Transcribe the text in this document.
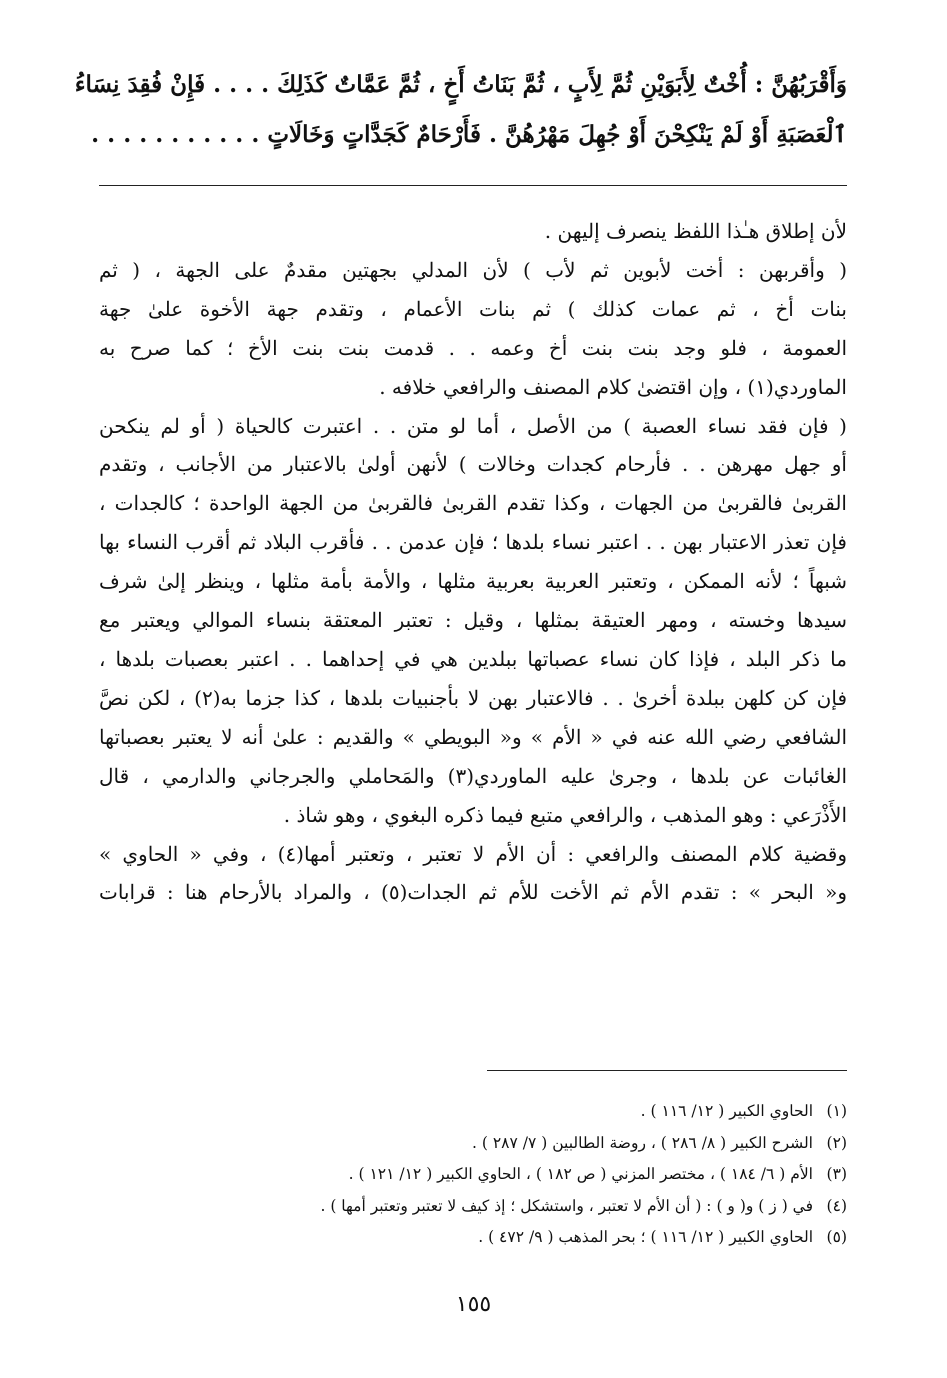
وَأَقْرَبُهُنَّ : أُخْتٌ لِأَبَوَيْنِ ثُمَّ لِأَبٍ ، ثُمَّ بَنَاتُ أَخٍ ، ثُمَّ عَمَّاتٌ كَذَلِكَ . . . . فَإِنْ فُقِدَ نِسَاءُ
ٱلْعَصَبَةِ أَوْ لَمْ يَنْكِحْنَ أَوْ جُهِلَ مَهْرُهُنَّ . فَأَرْحَامٌ كَجَدَّاتٍ وَخَالَاتٍ . . . . . . . . . . .
لأن إطلاق هـٰذا اللفظ ينصرف إليهن .
( وأقربهن : أخت لأبوين ثم لأب ) لأن المدلي بجهتين مقدمٌ على الجهة ، ( ثم
بنات أخ ، ثم عمات كذلك ) ثم بنات الأعمام ، وتقدم جهة الأخوة علىٰ جهة
العمومة ، فلو وجد بنت بنت أخ وعمه . . قدمت بنت بنت الأخ ؛ كما صرح به
الماوردي(١) ، وإن اقتضىٰ كلام المصنف والرافعي خلافه .
( فإن فقد نساء العصبة ) من الأصل ، أما لو متن . . اعتبرت كالحياة ( أو لم ينكحن
أو جهل مهرهن . . فأرحام كجدات وخالات ) لأنهن أولىٰ بالاعتبار من الأجانب ، وتقدم
القربىٰ فالقربىٰ من الجهات ، وكذا تقدم القربىٰ فالقربىٰ من الجهة الواحدة ؛ كالجدات ،
فإن تعذر الاعتبار بهن . . اعتبر نساء بلدها ؛ فإن عدمن . . فأقرب البلاد ثم أقرب النساء بها
شبهاً ؛ لأنه الممكن ، وتعتبر العربية بعربية مثلها ، والأمة بأمة مثلها ، وينظر إلىٰ شرف
سيدها وخسته ، ومهر العتيقة بمثلها ، وقيل : تعتبر المعتقة بنساء الموالي ويعتبر مع
ما ذكر البلد ، فإذا كان نساء عصباتها ببلدين هي في إحداهما . . اعتبر بعصبات بلدها ،
فإن كن كلهن ببلدة أخرىٰ . . فالاعتبار بهن لا بأجنبيات بلدها ، كذا جزما به(٢) ، لكن نصَّ
الشافعي رضي الله عنه في « الأم » و« البويطي » والقديم : علىٰ أنه لا يعتبر بعصباتها
الغائبات عن بلدها ، وجرىٰ عليه الماوردي(٣) والمَحاملي والجرجاني والدارمي ، قال
الأَذْرَعي : وهو المذهب ، والرافعي متبع فيما ذكره البغوي ، وهو شاذ .
وقضية كلام المصنف والرافعي : أن الأم لا تعتبر ، وتعتبر أمها(٤) ، وفي « الحاوي »
و« البحر » : تقدم الأم ثم الأخت للأم ثم الجدات(٥) ، والمراد بالأرحام هنا : قرابات
(١)الحاوي الكبير ( ١٢/ ١١٦ ) .
(٢)الشرح الكبير ( ٨/ ٢٨٦ ) ، روضة الطالبين ( ٧/ ٢٨٧ ) .
(٣)الأم ( ٦/ ١٨٤ ) ، مختصر المزني ( ص ١٨٢ ) ، الحاوي الكبير ( ١٢/ ١٢١ ) .
(٤)في ( ز ) و( و ) : ( أن الأم لا تعتبر ، واستشكل ؛ إذ كيف لا تعتبر وتعتبر أمها ) .
(٥)الحاوي الكبير ( ١٢/ ١١٦ ) ؛ بحر المذهب ( ٩/ ٤٧٢ ) .
١٥٥
